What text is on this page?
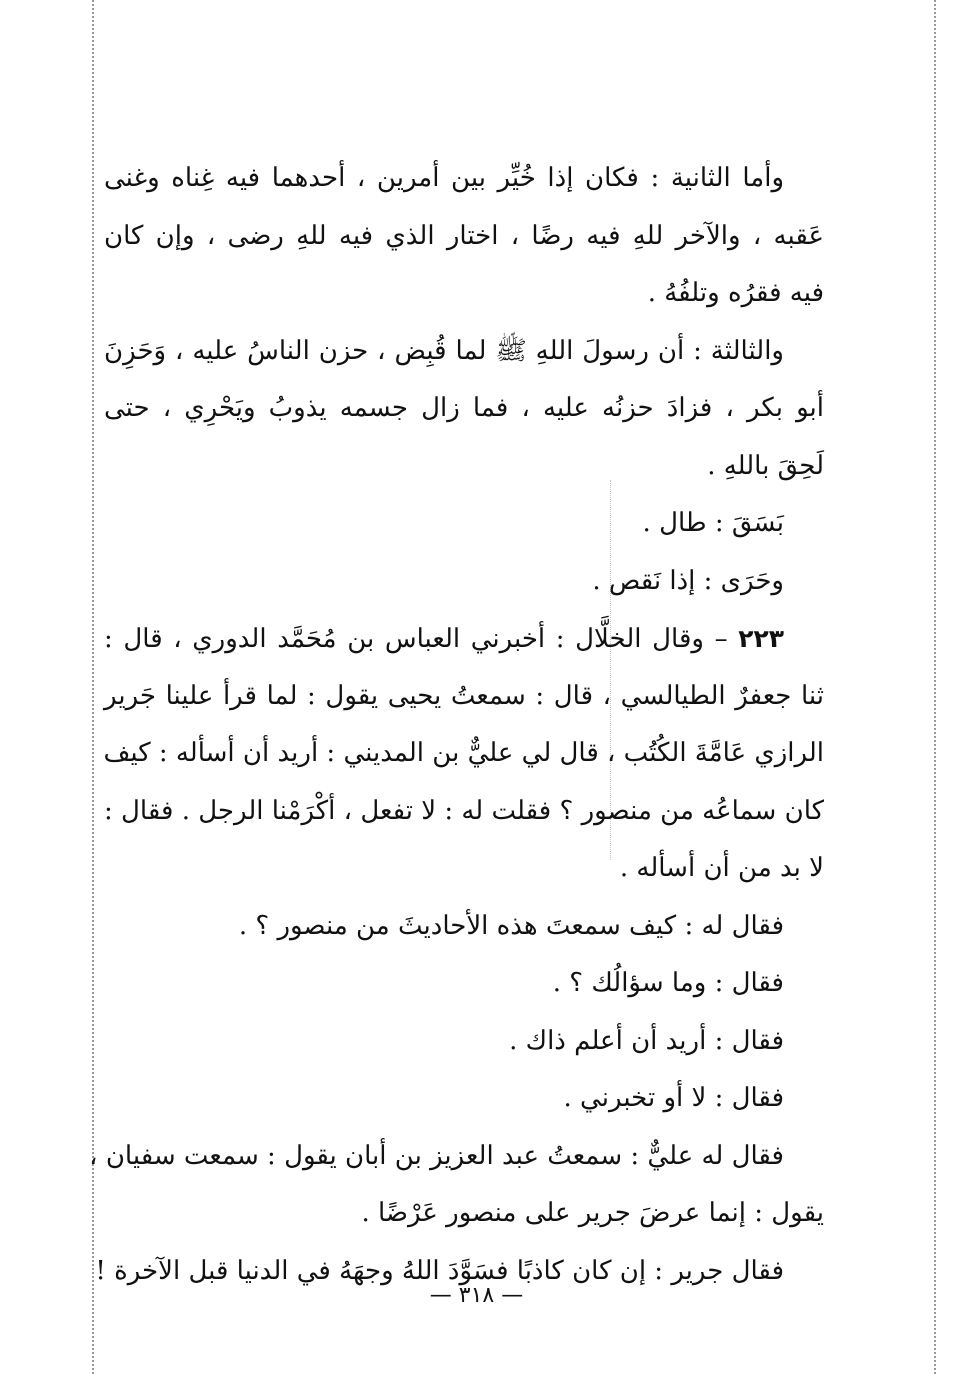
وأما الثانية : فكان إذا خُيِّر بين أمرين ، أحدهما فيه غِناه وغنى
عَقبه ، والآخر للهِ فيه رضًا ، اختار الذي فيه للهِ رضى ، وإن كان
فيه فقرُه وتلفُهُ .
والثالثة : أن رسولَ اللهِ ﷺ لما قُبِض ، حزن الناسُ عليه ، وَحَزِنَ
أبو بكر ، فزادَ حزنُه عليه ، فما زال جسمه يذوبُ ويَحْرِي ، حتى
لَحِقَ باللهِ .
بَسَقَ : طال .
وحَرَى : إذا نَقص .
٢٢٣ – وقال الخلَّال : أخبرني العباس بن مُحَمَّد الدوري ، قال :
ثنا جعفرٌ الطيالسي ، قال : سمعتُ يحيى يقول : لما قرأ علينا جَرير
الرازي عَامَّةَ الكُتُب ، قال لي عليٌّ بن المديني : أريد أن أسأله : كيف
كان سماعُه من منصور ؟ فقلت له : لا تفعل ، أكْرَمْنا الرجل . فقال :
لا بد من أن أسأله .
فقال له : كيف سمعتَ هذه الأحاديثَ من منصور ؟ .
فقال : وما سؤالُك ؟ .
فقال : أريد أن أعلم ذاك .
فقال : لا أو تخبرني .
فقال له عليٌّ : سمعتُ عبد العزيز بن أبان يقول : سمعت سفيان ،
يقول : إنما عرضَ جرير على منصور عَرْضًا .
فقال جرير : إن كان كاذبًا فسَوَّدَ اللهُ وجهَهُ في الدنيا قبل الآخرة !
— ٣١٨ —
